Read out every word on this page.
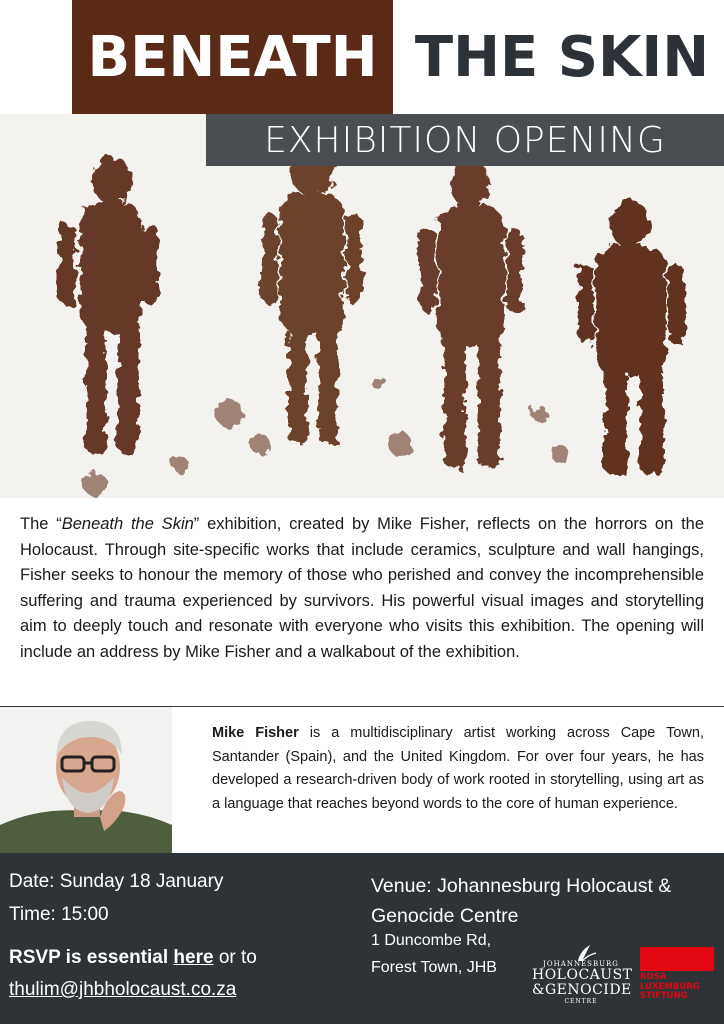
BENEATH THE SKIN
EXHIBITION OPENING

The “Beneath the Skin” exhibition, created by Mike Fisher, reflects on the horrors on the Holocaust. Through site-specific works that include ceramics, sculpture and wall hangings, Fisher seeks to honour the memory of those who perished and convey the incomprehensible suffering and trauma experienced by survivors. His powerful visual images and storytelling aim to deeply touch and resonate with everyone who visits this exhibition. The opening will include an address by Mike Fisher and a walkabout of the exhibition.

Mike Fisher is a multidisciplinary artist working across Cape Town, Santander (Spain), and the United Kingdom. For over four years, he has developed a research-driven body of work rooted in storytelling, using art as a language that reaches beyond words to the core of human experience.

Date: Sunday 18 January
Time: 15:00
RSVP is essential here or to
thulim@jhbholocaust.co.za
Venue: Johannesburg Holocaust & Genocide Centre
1 Duncombe Rd,
Forest Town, JHB	JOHANNESBURG
HOLOCAUST
&GENOCIDE
CENTRE
ROSA
LUXEMBURG
STIFTUNG
